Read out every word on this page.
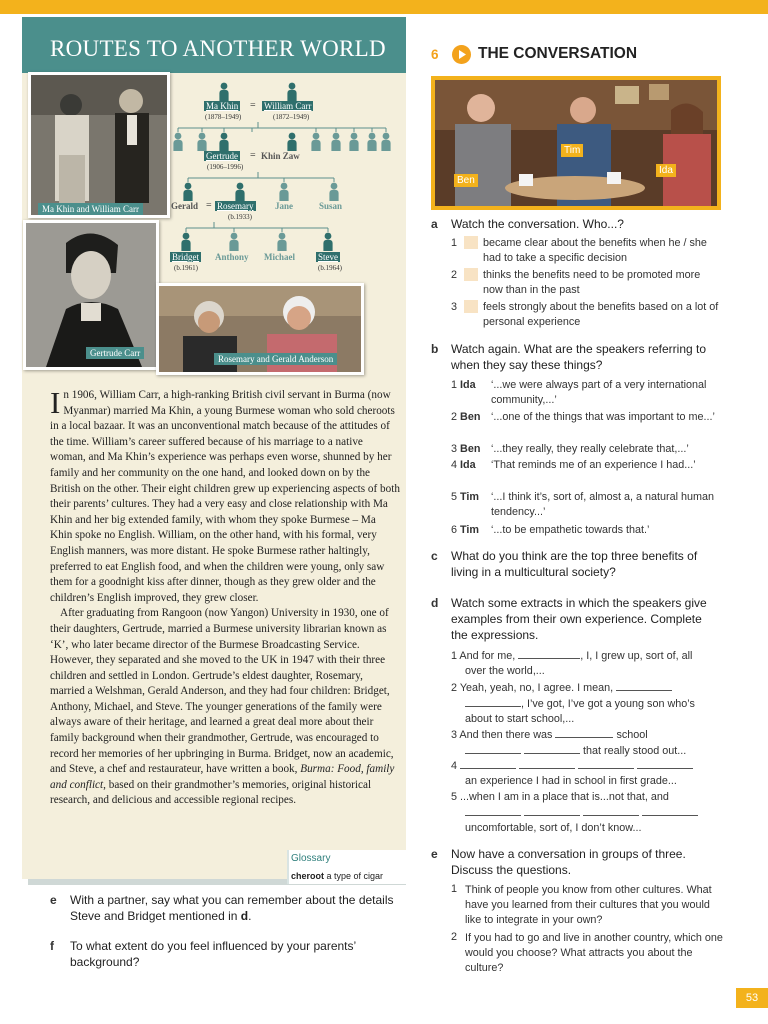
ROUTES TO ANOTHER WORLD
Ma Khin and William Carr
Gertrude Carr
Rosemary and Gerald Anderson
Ma Khin = William Carr
(1878–1949)	(1872–1949)
Gertrude = Khin Zaw
(1906–1996)
Gerald = Rosemary
(b.1933)
Jane	Susan
Bridget
(b.1961)
Anthony Michael	Steve
(b.1964)

In 1906, William Carr, a high-ranking British civil servant in Burma (now Myanmar) married Ma Khin, a young Burmese woman who sold cheroots in a local bazaar. It was an unconventional match because of the attitudes of the time. William’s career suffered because of his marriage to a native woman, and Ma Khin’s experience was perhaps even worse, shunned by her family and her community on the one hand, and looked down on by the British on the other. Their eight children grew up experiencing aspects of both their parents’ cultures. They had a very easy and close relationship with Ma Khin and her big extended family, with whom they spoke Burmese – Ma Khin spoke no English. William, on the other hand, with his formal, very English manners, was more distant. He spoke Burmese rather haltingly, preferred to eat English food, and when the children were young, only saw them for a goodnight kiss after dinner, though as they grew older and the children’s English improved, they grew closer.

After graduating from Rangoon (now Yangon) University in 1930, one of their daughters, Gertrude, married a Burmese university librarian known as ‘K’, who later became director of the Burmese Broadcasting Service. However, they separated and she moved to the UK in 1947 with their three children and settled in London. Gertrude’s eldest daughter, Rosemary, married a Welshman, Gerald Anderson, and they had four children: Bridget, Anthony, Michael, and Steve. The younger generations of the family were always aware of their heritage, and learned a great deal more about their family background when their grandmother, Gertrude, was encouraged to record her memories of her upbringing in Burma. Bridget, now an academic, and Steve, a chef and restaurateur, have written a book, Burma: Food, family and conflict, based on their grandmother’s memories, original historical research, and delicious and accessible regional recipes.

Glossary
cheroot a type of cigar
e With a partner, say what you can remember about the details Steve and Bridget mentioned in d.
f To what extent do you feel influenced by your parents’ background?
6	THE CONVERSATION
Ben
Tim
Ida
a Watch the conversation. Who...?
1 became clear about the benefits when he / she had to take a specific decision
2 thinks the benefits need to be promoted more now than in the past
3 feels strongly about the benefits based on a lot of personal experience
b Watch again. What are the speakers referring to when they say these things?
1 Ida	‘...we were always part of a very international community,...’
2 Ben ‘...one of the things that was important to me...’
3 Ben ‘...they really, they really celebrate that,...’
4 Ida	‘That reminds me of an experience I had...’
5 Tim	‘...I think it’s, sort of, almost a, a natural human tendency...’
6 Tim	‘...to be empathetic towards that.’
c What do you think are the top three benefits of living in a multicultural society?
d Watch some extracts in which the speakers give examples from their own experience. Complete the expressions.
1 And for me,	, I, I grew up, sort of, all
over the world,...
2 Yeah, yeah, no, I agree. I mean,
, I’ve got, I’ve got a young son who’s
about to start school,...
3 And then there was	school
that really stood out...
4
an experience I had in school in first grade...
5 ...when I am in a place that is...not that, and

uncomfortable, sort of, I don’t know...
e Now have a conversation in groups of three. Discuss the questions.
1 Think of people you know from other cultures. What have you learned from their cultures that you would like to integrate in your own?
2 If you had to go and live in another country, which one would you choose? What attracts you about the culture?
53
